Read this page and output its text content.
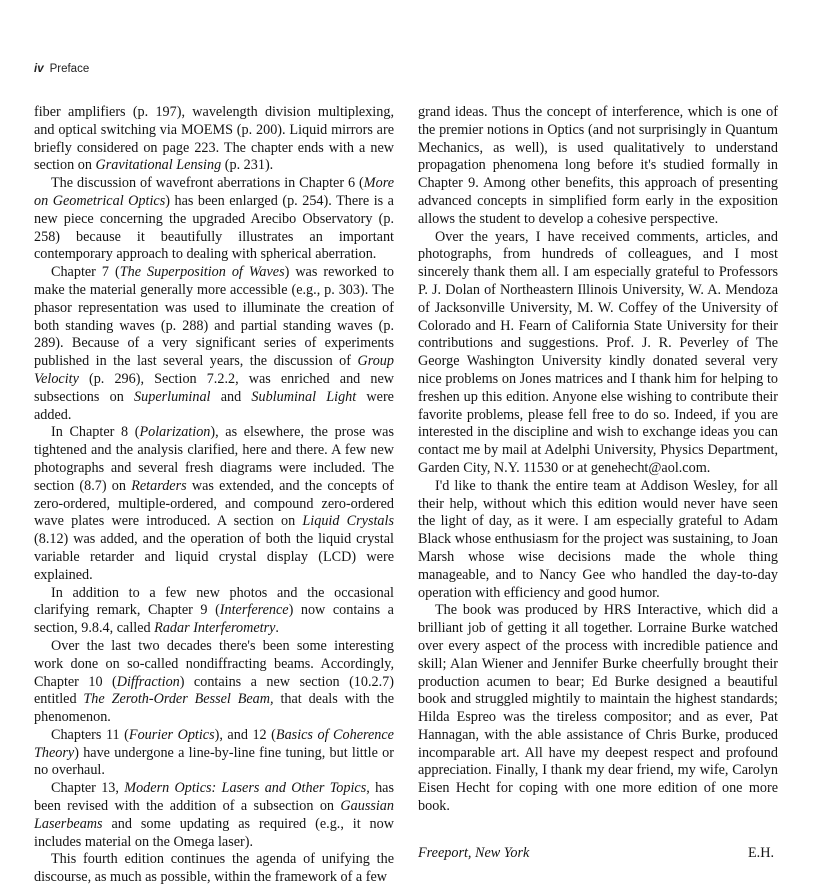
iv Preface

fiber amplifiers (p. 197), wavelength division multiplexing, and optical switching via MOEMS (p. 200). Liquid mirrors are briefly considered on page 223. The chapter ends with a new section on Gravitational Lensing (p. 231).

The discussion of wavefront aberrations in Chapter 6 (More on Geometrical Optics) has been enlarged (p. 254). There is a new piece concerning the upgraded Arecibo Observatory (p. 258) because it beautifully illustrates an important contemporary approach to dealing with spherical aberration.

Chapter 7 (The Superposition of Waves) was reworked to make the material generally more accessible (e.g., p. 303). The phasor representation was used to illuminate the creation of both standing waves (p. 288) and partial standing waves (p. 289). Because of a very significant series of experiments published in the last several years, the discussion of Group Velocity (p. 296), Section 7.2.2, was enriched and new subsections on Superluminal and Subluminal Light were added.

In Chapter 8 (Polarization), as elsewhere, the prose was tightened and the analysis clarified, here and there. A few new photographs and several fresh diagrams were included. The section (8.7) on Retarders was extended, and the concepts of zero-ordered, multiple-ordered, and compound zero-ordered wave plates were introduced. A section on Liquid Crystals (8.12) was added, and the operation of both the liquid crystal variable retarder and liquid crystal display (LCD) were explained.

In addition to a few new photos and the occasional clarifying remark, Chapter 9 (Interference) now contains a section, 9.8.4, called Radar Interferometry.

Over the last two decades there's been some interesting work done on so-called nondiffracting beams. Accordingly, Chapter 10 (Diffraction) contains a new section (10.2.7) entitled The Zeroth-Order Bessel Beam, that deals with the phenomenon.

Chapters 11 (Fourier Optics), and 12 (Basics of Coherence Theory) have undergone a line-by-line fine tuning, but little or no overhaul.

Chapter 13, Modern Optics: Lasers and Other Topics, has been revised with the addition of a subsection on Gaussian Laserbeams and some updating as required (e.g., it now includes material on the Omega laser).

This fourth edition continues the agenda of unifying the discourse, as much as possible, within the framework of a few

grand ideas. Thus the concept of interference, which is one of the premier notions in Optics (and not surprisingly in Quantum Mechanics, as well), is used qualitatively to understand propagation phenomena long before it's studied formally in Chapter 9. Among other benefits, this approach of presenting advanced concepts in simplified form early in the exposition allows the student to develop a cohesive perspective.

Over the years, I have received comments, articles, and photographs, from hundreds of colleagues, and I most sincerely thank them all. I am especially grateful to Professors P. J. Dolan of Northeastern Illinois University, W. A. Mendoza of Jacksonville University, M. W. Coffey of the University of Colorado and H. Fearn of California State University for their contributions and suggestions. Prof. J. R. Peverley of The George Washington University kindly donated several very nice problems on Jones matrices and I thank him for helping to freshen up this edition. Anyone else wishing to contribute their favorite problems, please fell free to do so. Indeed, if you are interested in the discipline and wish to exchange ideas you can contact me by mail at Adelphi University, Physics Department, Garden City, N.Y. 11530 or at genehecht@aol.com.

I'd like to thank the entire team at Addison Wesley, for all their help, without which this edition would never have seen the light of day, as it were. I am especially grateful to Adam Black whose enthusiasm for the project was sustaining, to Joan Marsh whose wise decisions made the whole thing manageable, and to Nancy Gee who handled the day-to-day operation with efficiency and good humor.

The book was produced by HRS Interactive, which did a brilliant job of getting it all together. Lorraine Burke watched over every aspect of the process with incredible patience and skill; Alan Wiener and Jennifer Burke cheerfully brought their production acumen to bear; Ed Burke designed a beautiful book and struggled mightily to maintain the highest standards; Hilda Espreo was the tireless compositor; and as ever, Pat Hannagan, with the able assistance of Chris Burke, produced incomparable art. All have my deepest respect and profound appreciation. Finally, I thank my dear friend, my wife, Carolyn Eisen Hecht for coping with one more edition of one more book.

Freeport, New York	E.H.
